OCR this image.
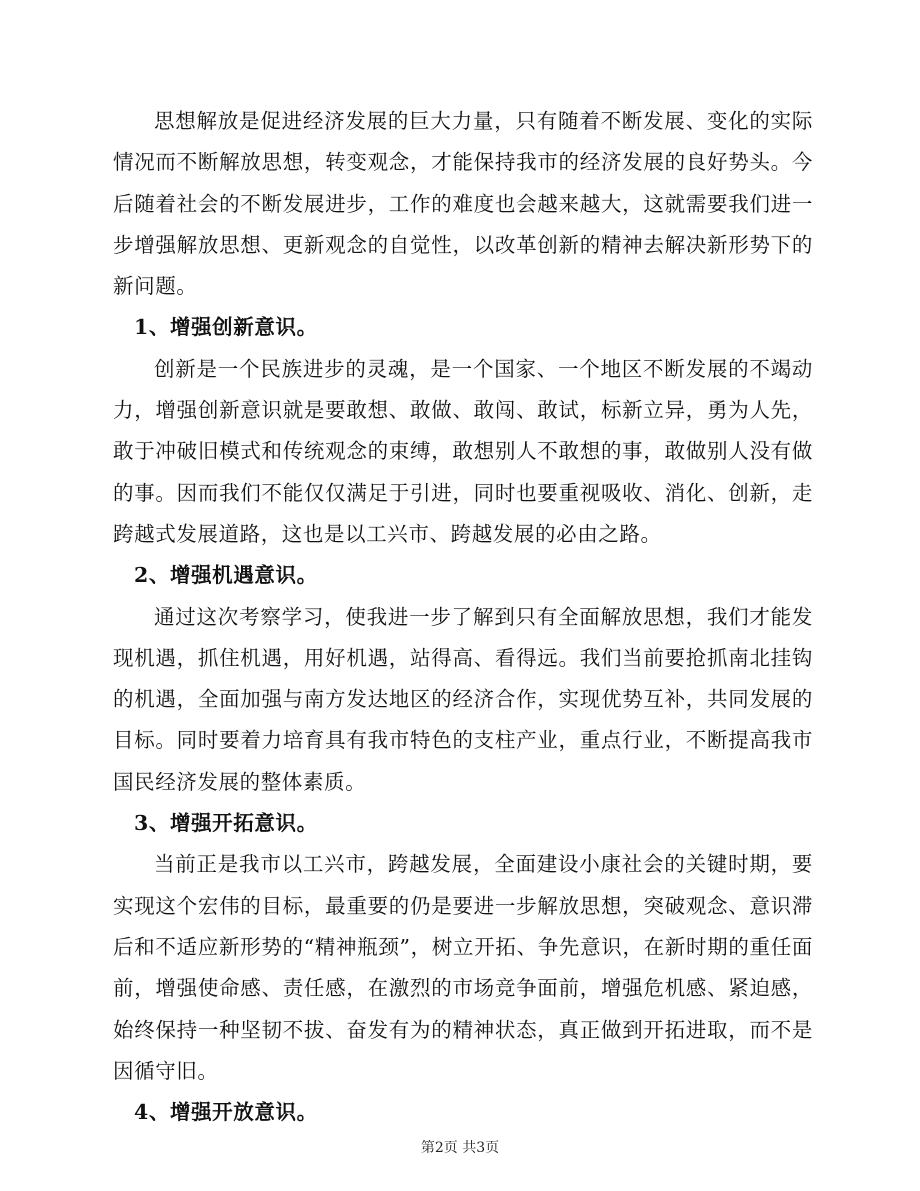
思想解放是促进经济发展的巨大力量，只有随着不断发展、变化的实际情况而不断解放思想，转变观念，才能保持我市的经济发展的良好势头。今后随着社会的不断发展进步，工作的难度也会越来越大，这就需要我们进一步增强解放思想、更新观念的自觉性，以改革创新的精神去解决新形势下的新问题。

1、增强创新意识。

创新是一个民族进步的灵魂，是一个国家、一个地区不断发展的不竭动力，增强创新意识就是要敢想、敢做、敢闯、敢试，标新立异，勇为人先，敢于冲破旧模式和传统观念的束缚，敢想别人不敢想的事，敢做别人没有做的事。因而我们不能仅仅满足于引进，同时也要重视吸收、消化、创新，走跨越式发展道路，这也是以工兴市、跨越发展的必由之路。

2、增强机遇意识。

通过这次考察学习，使我进一步了解到只有全面解放思想，我们才能发现机遇，抓住机遇，用好机遇，站得高、看得远。我们当前要抢抓南北挂钩的机遇，全面加强与南方发达地区的经济合作，实现优势互补，共同发展的目标。同时要着力培育具有我市特色的支柱产业，重点行业，不断提高我市国民经济发展的整体素质。

3、增强开拓意识。

当前正是我市以工兴市，跨越发展，全面建设小康社会的关键时期，要实现这个宏伟的目标，最重要的仍是要进一步解放思想，突破观念、意识滞后和不适应新形势的“精神瓶颈”，树立开拓、争先意识，在新时期的重任面前，增强使命感、责任感，在激烈的市场竞争面前，增强危机感、紧迫感，始终保持一种坚韧不拔、奋发有为的精神状态，真正做到开拓进取，而不是因循守旧。

4、增强开放意识。

第2页 共3页
